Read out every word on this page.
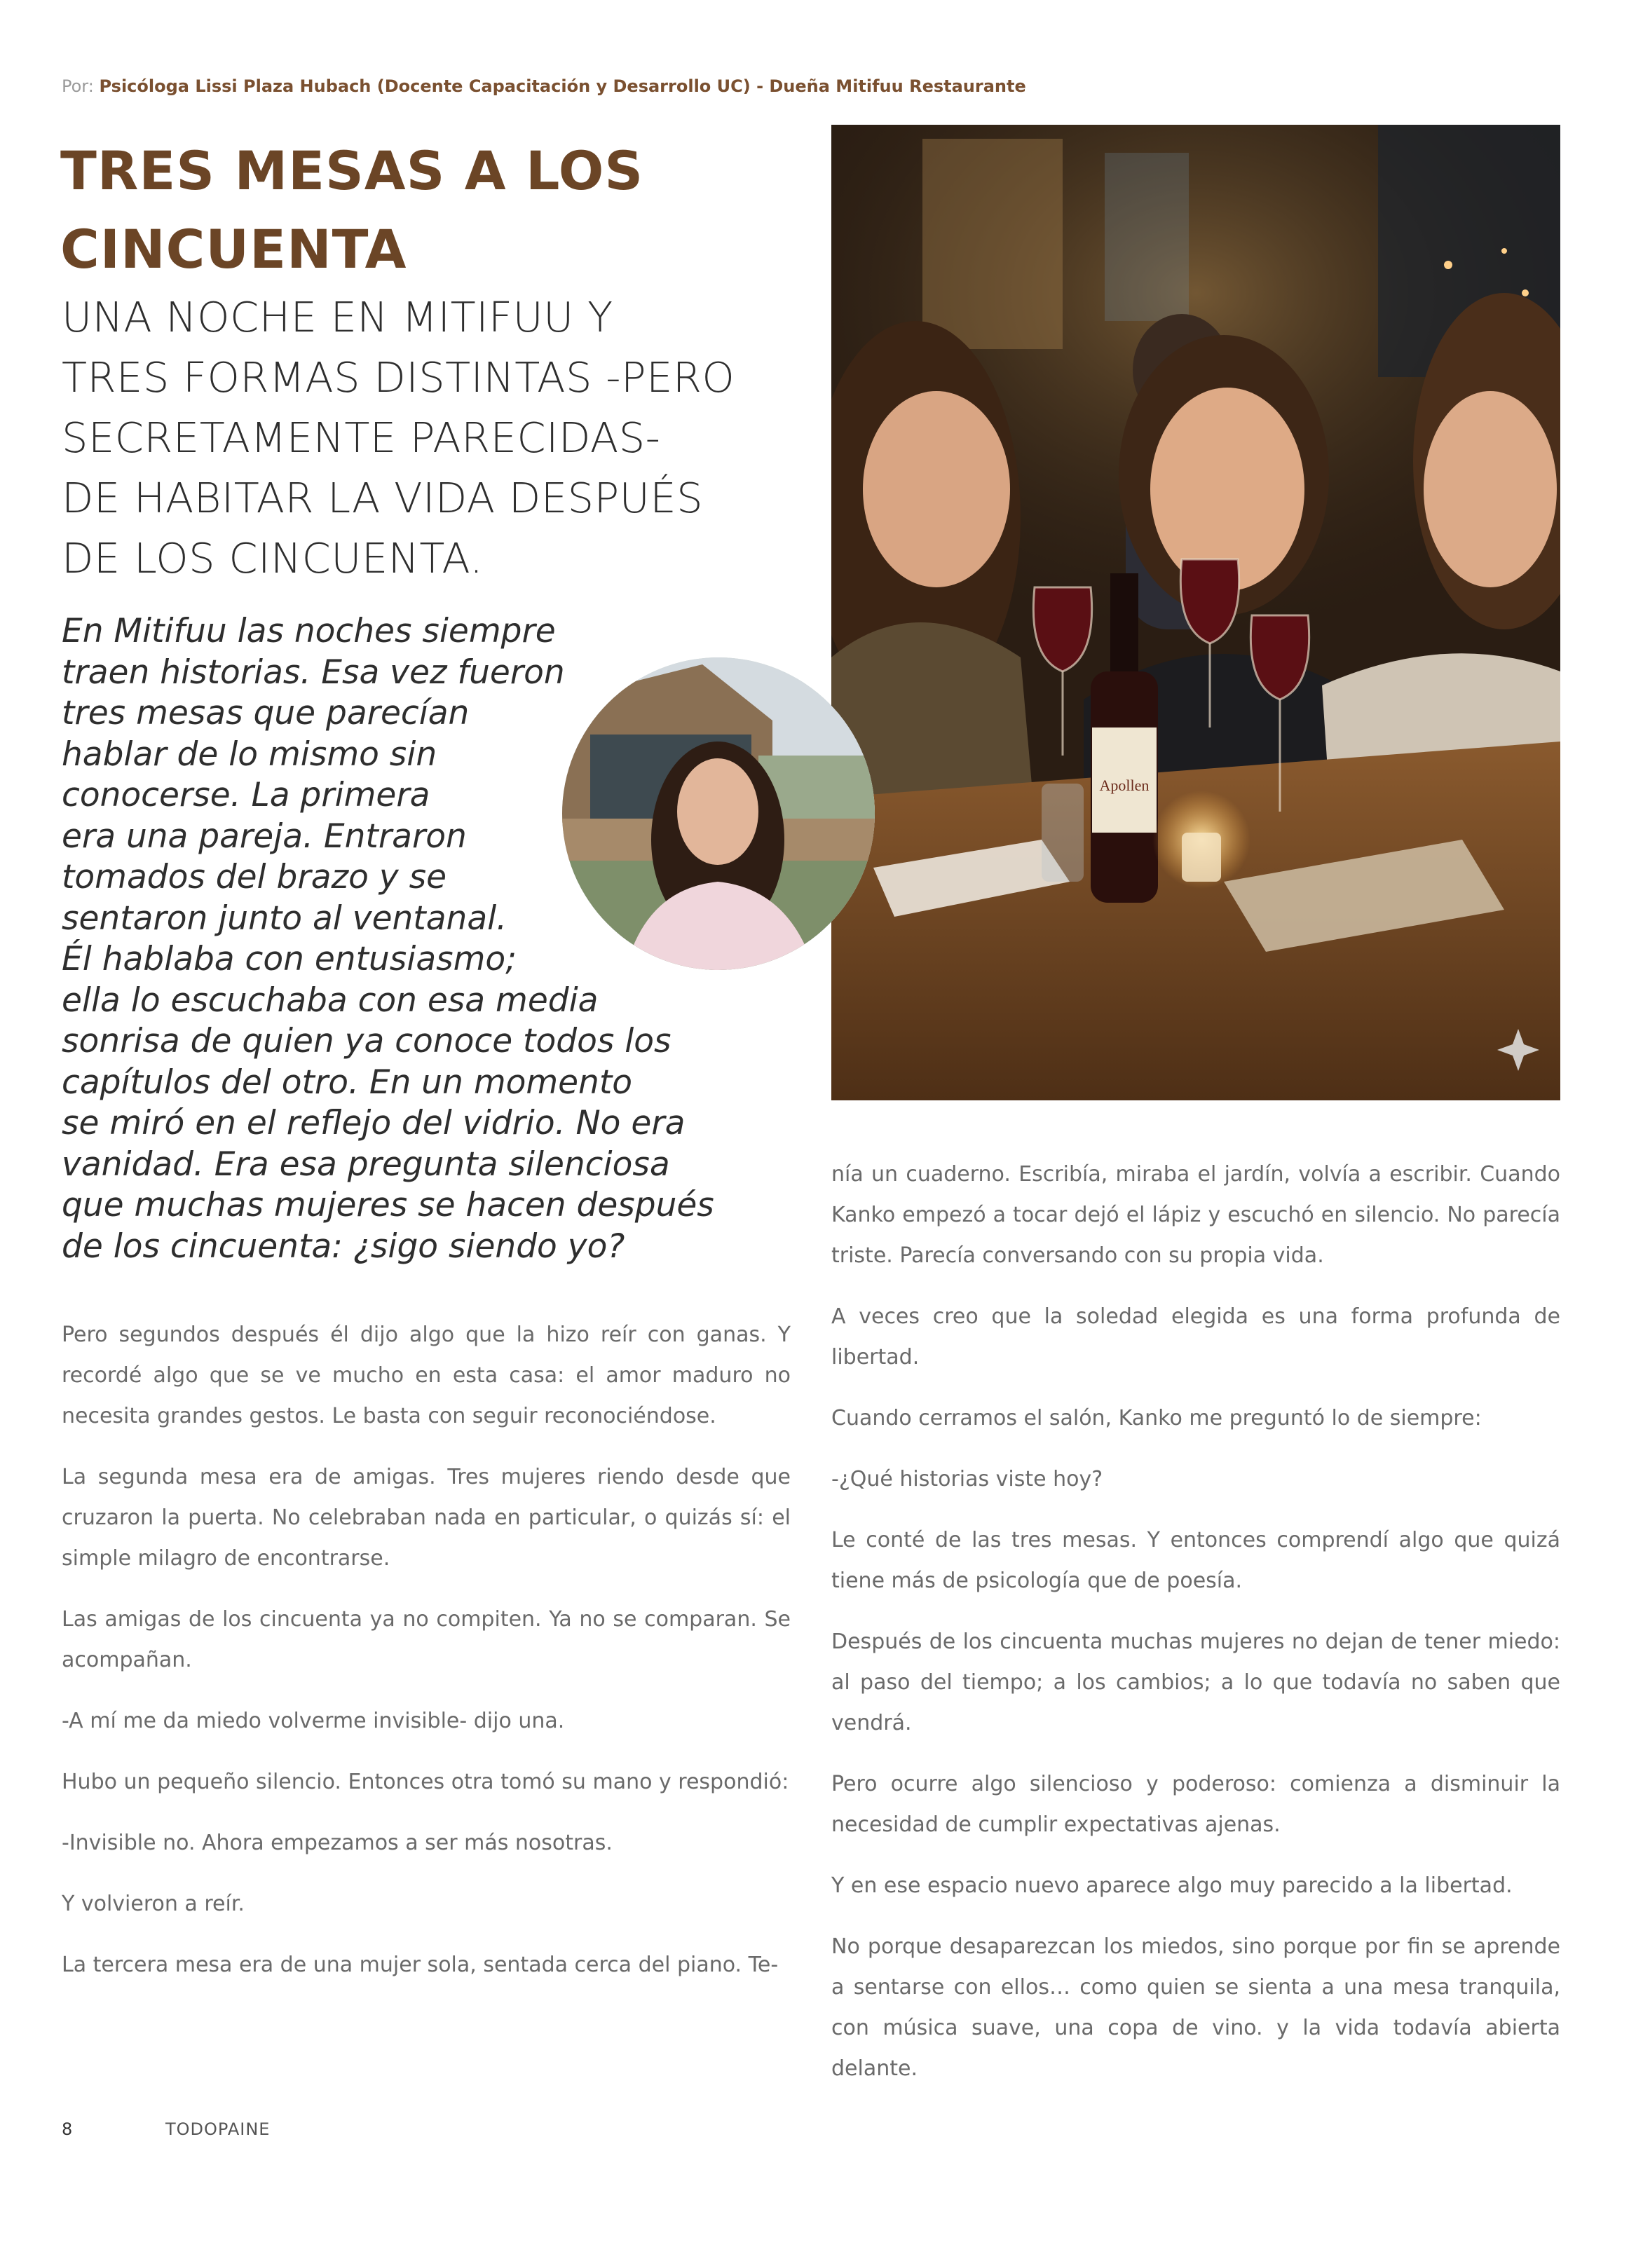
Por: Psicóloga Lissi Plaza Hubach (Docente Capacitación y Desarrollo UC) - Dueña Mitifuu Restaurante
TRES MESAS A LOS CINCUENTA
UNA NOCHE EN MITIFUU Y
TRES FORMAS DISTINTAS -PERO
SECRETAMENTE PARECIDAS-
DE HABITAR LA VIDA DESPUÉS
DE LOS CINCUENTA.
En Mitifuu las noches siempre
traen historias. Esa vez fueron
tres mesas que parecían
hablar de lo mismo sin
conocerse. La primera
era una pareja. Entraron
tomados del brazo y se
sentaron junto al ventanal.
Él hablaba con entusiasmo;
ella lo escuchaba con esa media
sonrisa de quien ya conoce todos los
capítulos del otro. En un momento
se miró en el reflejo del vidrio. No era
vanidad. Era esa pregunta silenciosa
que muchas mujeres se hacen después
de los cincuenta: ¿sigo siendo yo?
Apollen

Pero segundos después él dijo algo que la hizo reír con ganas. Y recordé algo que se ve mucho en esta casa: el amor maduro no necesita grandes gestos. Le basta con seguir reconociéndose.

La segunda mesa era de amigas. Tres mujeres riendo desde que cruzaron la puerta. No celebraban nada en particular, o quizás sí: el simple milagro de encontrarse.

Las amigas de los cincuenta ya no compiten. Ya no se comparan. Se acompañan.

-A mí me da miedo volverme invisible- dijo una.

Hubo un pequeño silencio. Entonces otra tomó su mano y respondió:

-Invisible no. Ahora empezamos a ser más nosotras.

Y volvieron a reír.

La tercera mesa era de una mujer sola, sentada cerca del piano. Te-

nía un cuaderno. Escribía, miraba el jardín, volvía a escribir. Cuando Kanko empezó a tocar dejó el lápiz y escuchó en silencio. No parecía triste. Parecía conversando con su propia vida.

A veces creo que la soledad elegida es una forma profunda de libertad.

Cuando cerramos el salón, Kanko me preguntó lo de siempre:

-¿Qué historias viste hoy?

Le conté de las tres mesas. Y entonces comprendí algo que quizá tiene más de psicología que de poesía.

Después de los cincuenta muchas mujeres no dejan de tener miedo: al paso del tiempo; a los cambios; a lo que todavía no saben que vendrá.

Pero ocurre algo silencioso y poderoso: comienza a disminuir la necesidad de cumplir expectativas ajenas.

Y en ese espacio nuevo aparece algo muy parecido a la libertad.

No porque desaparezcan los miedos, sino porque por fin se aprende a sentarse con ellos… como quien se sienta a una mesa tranquila, con música suave, una copa de vino. y la vida todavía abierta delante.

8	TODOPAINE
